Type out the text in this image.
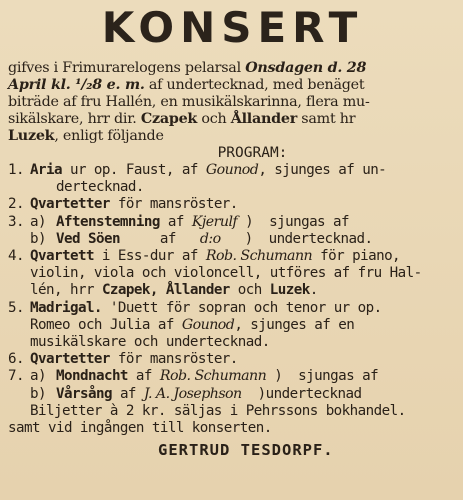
KONSERT
gifves i Frimurarelogens pelarsal Onsdagen d. 28
April kl. ¹/₂8 e. m. af undertecknad, med benäget
biträde af fru Hallén, en musikälskarinna, flera mu-
sikälskare, hrr dir. Czapek och Ållander samt hr
Luzek, enligt följande
PROGRAM:
1. Aria ur op. Faust, af Gounod, sjunges af un-
dertecknad.
2. Qvartetter för mansröster.
3. a) Aftenstemning af Kjerulf )  sjungas af
b) Ved Söen     af   d:o   )  undertecknad.
4. Qvartett i Ess-dur af Rob. Schumann för piano,
violin, viola och violoncell, utföres af fru Hal-
lén, hrr Czapek, Ållander och Luzek.
5. Madrigal. 'Duett för sopran och tenor ur op.
Romeo och Julia af Gounod, sjunges af en
musikälskare och undertecknad.
6. Qvartetter för mansröster.
7. a) Mondnacht af Rob. Schumann )  sjungas af
b) Vårsång af J. A. Josephson  )undertecknad
Biljetter à 2 kr. säljas i Pehrssons bokhandel.
samt vid ingången till konserten.
GERTRUD TESDORPF.
